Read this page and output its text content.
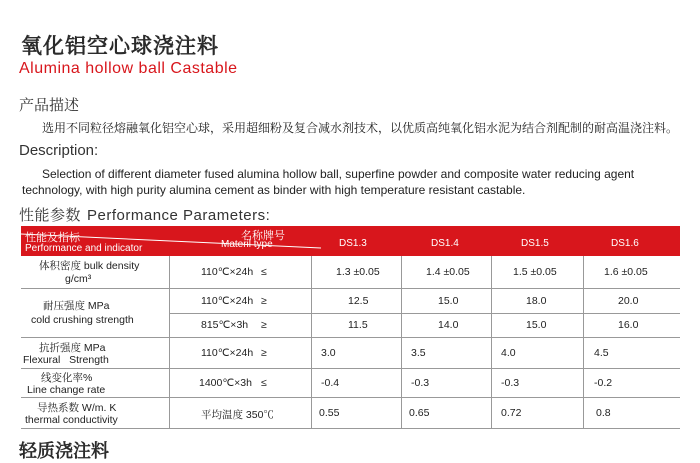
氧化铝空心球浇注料
Alumina hollow ball Castable
产品描述
选用不同粒径熔融氧化铝空心球，采用超细粉及复合减水剂技术，以优质高纯氧化铝水泥为结合剂配制的耐高温浇注料。
Description:
Selection of different diameter fused alumina hollow ball, superfine powder and composite water reducing agent technology, with high purity alumina cement as binder with high temperature resistant castable.
性能参数 Performance Parameters:
性能及指标
Performance and indicator
名称牌号
Materil type	DS1.3	DS1.4	DS1.5	DS1.6
体积密度 bulk density
g/cm³
110℃×24h ≤	1.3 ±0.05	1.4 ±0.05	1.5 ±0.05	1.6 ±0.05
耐压强度 MPa
cold crushing strength
110℃×24h ≥	12.5	15.0	18.0	20.0
815℃×3h ≥	11.5	14.0	15.0	16.0
抗折强度 MPa
Flexural   Strength
110℃×24h ≥	3.0	3.5	4.0	4.5
线变化率%
Line change rate
1400℃×3h ≤	-0.4	-0.3	-0.3	-0.2
导热系数 W/m. K
thermal conductivity	平均温度 350℃	0.55	0.65	0.72	0.8
轻质浇注料
